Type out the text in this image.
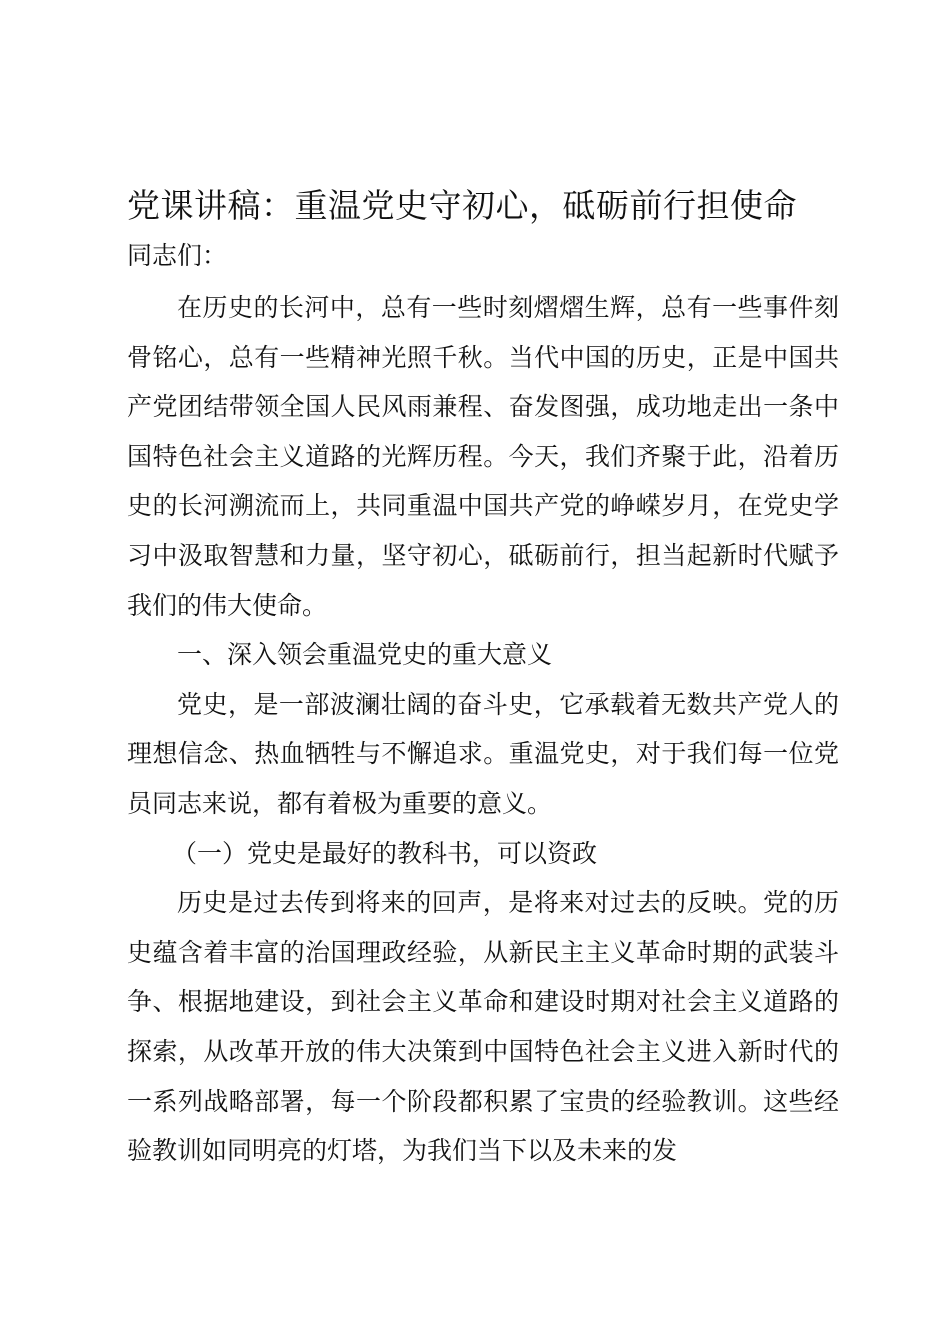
党课讲稿：重温党史守初心，砥砺前行担使命
同志们：

在历史的长河中，总有一些时刻熠熠生辉，总有一些事件刻骨铭心，总有一些精神光照千秋。当代中国的历史，正是中国共产党团结带领全国人民风雨兼程、奋发图强，成功地走出一条中国特色社会主义道路的光辉历程。今天，我们齐聚于此，沿着历史的长河溯流而上，共同重温中国共产党的峥嵘岁月，在党史学习中汲取智慧和力量，坚守初心，砥砺前行，担当起新时代赋予我们的伟大使命。

一、深入领会重温党史的重大意义

党史，是一部波澜壮阔的奋斗史，它承载着无数共产党人的理想信念、热血牺牲与不懈追求。重温党史，对于我们每一位党员同志来说，都有着极为重要的意义。

（一）党史是最好的教科书，可以资政

历史是过去传到将来的回声，是将来对过去的反映。党的历史蕴含着丰富的治国理政经验，从新民主主义革命时期的武装斗争、根据地建设，到社会主义革命和建设时期对社会主义道路的探索，从改革开放的伟大决策到中国特色社会主义进入新时代的一系列战略部署，每一个阶段都积累了宝贵的经验教训。这些经验教训如同明亮的灯塔，为我们当下以及未来的发
